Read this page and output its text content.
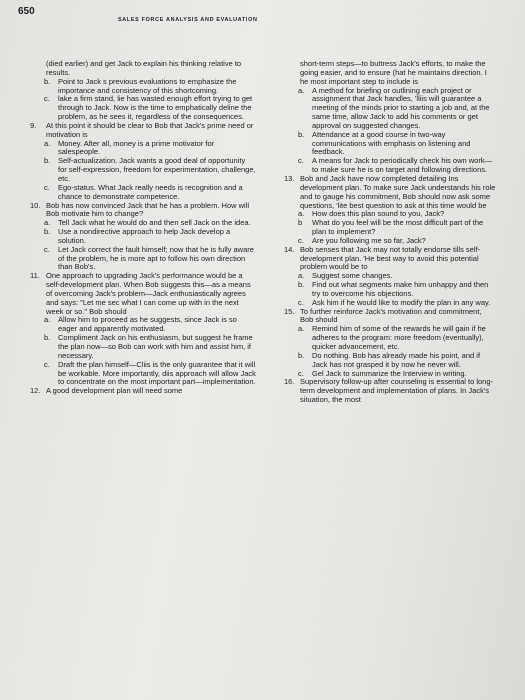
650
SALES FORCE ANALYSIS AND EVALUATION
(died earlier) and get Jack to explain his thinking relative to results.
b. Point to Jack s previous evaluations to emphasize the importance and consistency of this shortcoming.
c. lake a firm stand, lie has wasted enough effort trying to get through to Jack. Now is the time to emphatically deline the problem, as he sees it, regardless of the consequences.
9. At this point it should be clear to Bob that Jack's prime need or motivation is
a. Money. After all, money is a prime motivator for salespeople.
b. Self-actualization. Jack wants a good deal of opportunity for self-expression, freedom for experimentation, challenge, etc.
c. Ego-status. What Jack really needs is recognition and a chance to demonstrate competence.
10. Bob has now convinced Jack that he has a problem. How will Bob motivate him to change?
a. Tell Jack what he would do and then sell Jack on the idea.
b. Use a nondirective approach to help Jack develop a solution.
c. Let Jack correct the fault himself; now that he is fully aware of the problem, he is more apt to follow his own direction than Bob's.
11. One approach to upgrading Jack's performance would be a self-development plan. When Bob suggests this—as a means of overcoming Jack's problem—Jack enthusiastically agrees and says: "Let me sec what I can come up with in the next week or so." Bob should
a. Allow him to proceed as he suggests, since Jack is so eager and apparently motivated.
b. Compliment Jack on his enthusiasm, but suggest he frame the plan now—so Bob can work with him and assist him, if necessary.
c. Draft the plan himself—Cliis is the only guarantee that it will be workable. More importantly, diis approach will allow Jack to concentrate on the most important part—implementation.
12. A good development plan will need some
short-term steps—to buttress Jack's efforts, to make the going easier, and to ensure (hat he maintains direction. I he most important step to include is
a. A method for briefing or outlining each project or assignment that Jack handles, 'lliis will guarantee a meeting of the minds prior to starting a job and, at the same time, allow Jack to add his comments or get approval on suggested changes.
b. Attendance at a good course in two-way communications with emphasis on listening and feedback.
c. A means for Jack to periodically check his own work—to make sure he is on target and following directions.
13. Bob and Jack have now completed detailing Ins development plan. To make sure Jack understands his role and to gauge his commitment, Bob should now ask some questions, 'lite best question to ask at this time would be
a. How does this plan sound to you, Jack?
b What do you feel will be the most difficult part of the plan to implement?
c. Are you following me so far, Jack?
14. Bob senses that Jack may not totally endorse tills self-development plan. 'He best way to avoid this potential problem would be to
a. Suggest some changes.
b. Find out what segments make him unhappy and then try to overcome his objections.
c. Ask him if he would like to modify the plan in any way.
15. To further reinforce Jack's motivation and commitment, Bob should
a. Remind him of some of the rewards he will gain if he adheres to the program: more freedom (eventually), quicker advancement, etc.
b. Do nothing. Bob has already made his point, and if Jack has not grasped it by now he never will.
c. Gel Jack to summarize the Interview in writing.
16. Supervisory follow-up after counseling is essential to long-term development and implementation of plans. In Jack's situation, the most
